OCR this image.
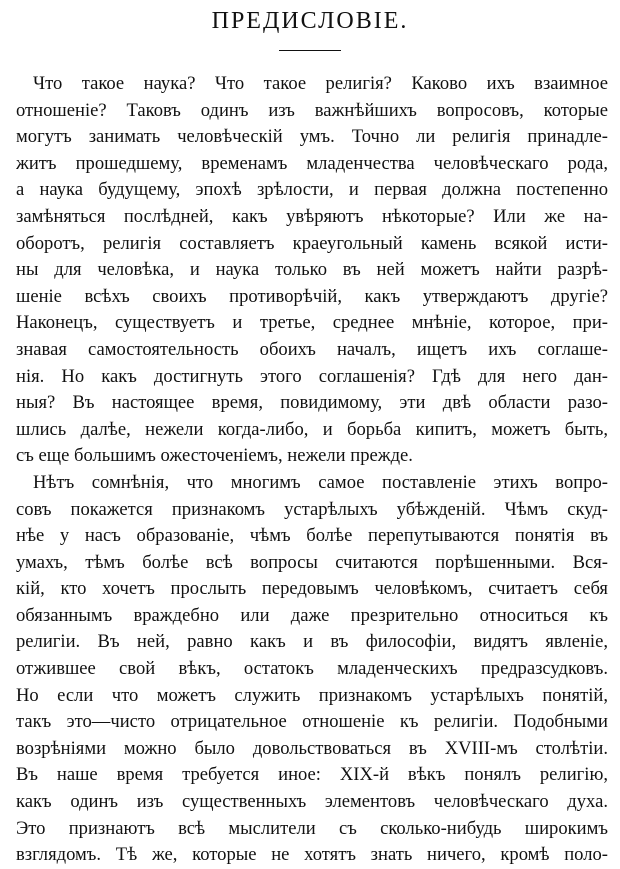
ПРЕДИСЛОВІЕ.
Что такое наука? Что такое религія? Каково ихъ взаимное
отношеніе? Таковъ одинъ изъ важнѣйшихъ вопросовъ, которые
могутъ занимать человѣческій умъ. Точно ли религія принадле-
житъ прошедшему, временамъ младенчества человѣческаго рода,
а наука будущему, эпохѣ зрѣлости, и первая должна постепенно
замѣняться послѣдней, какъ увѣряютъ нѣкоторые? Или же на-
оборотъ, религія составляетъ краеугольный камень всякой исти-
ны для человѣка, и наука только въ ней можетъ найти разрѣ-
шеніе всѣхъ своихъ противорѣчій, какъ утверждаютъ другіе?
Наконецъ, существуетъ и третье, среднее мнѣніе, которое, при-
знавая самостоятельность обоихъ началъ, ищетъ ихъ соглаше-
нія. Но какъ достигнуть этого соглашенія? Гдѣ для него дан-
ныя? Въ настоящее время, повидимому, эти двѣ области разо-
шлись далѣе, нежели когда-либо, и борьба кипитъ, можетъ быть,
съ еще большимъ ожесточеніемъ, нежели прежде.
Нѣтъ сомнѣнія, что многимъ самое поставленіе этихъ вопро-
совъ покажется признакомъ устарѣлыхъ убѣжденій. Чѣмъ скуд-
нѣе у насъ образованіе, чѣмъ болѣе перепутываются понятія въ
умахъ, тѣмъ болѣе всѣ вопросы считаются порѣшенными. Вся-
кій, кто хочетъ прослыть передовымъ человѣкомъ, считаетъ себя
обязаннымъ враждебно или даже презрительно относиться къ
религіи. Въ ней, равно какъ и въ философіи, видятъ явленіе,
отжившее свой вѣкъ, остатокъ младенческихъ предразсудковъ.
Но если что можетъ служить признакомъ устарѣлыхъ понятій,
такъ это—чисто отрицательное отношеніе къ религіи. Подобными
возрѣніями можно было довольствоваться въ XVIII-мъ столѣтіи.
Въ наше время требуется иное: XIX-й вѣкъ понялъ религію,
какъ одинъ изъ существенныхъ элементовъ человѣческаго духа.
Это признаютъ всѣ мыслители съ сколько-нибудь широкимъ
взглядомъ. Тѣ же, которые не хотятъ знать ничего, кромѣ поло-
